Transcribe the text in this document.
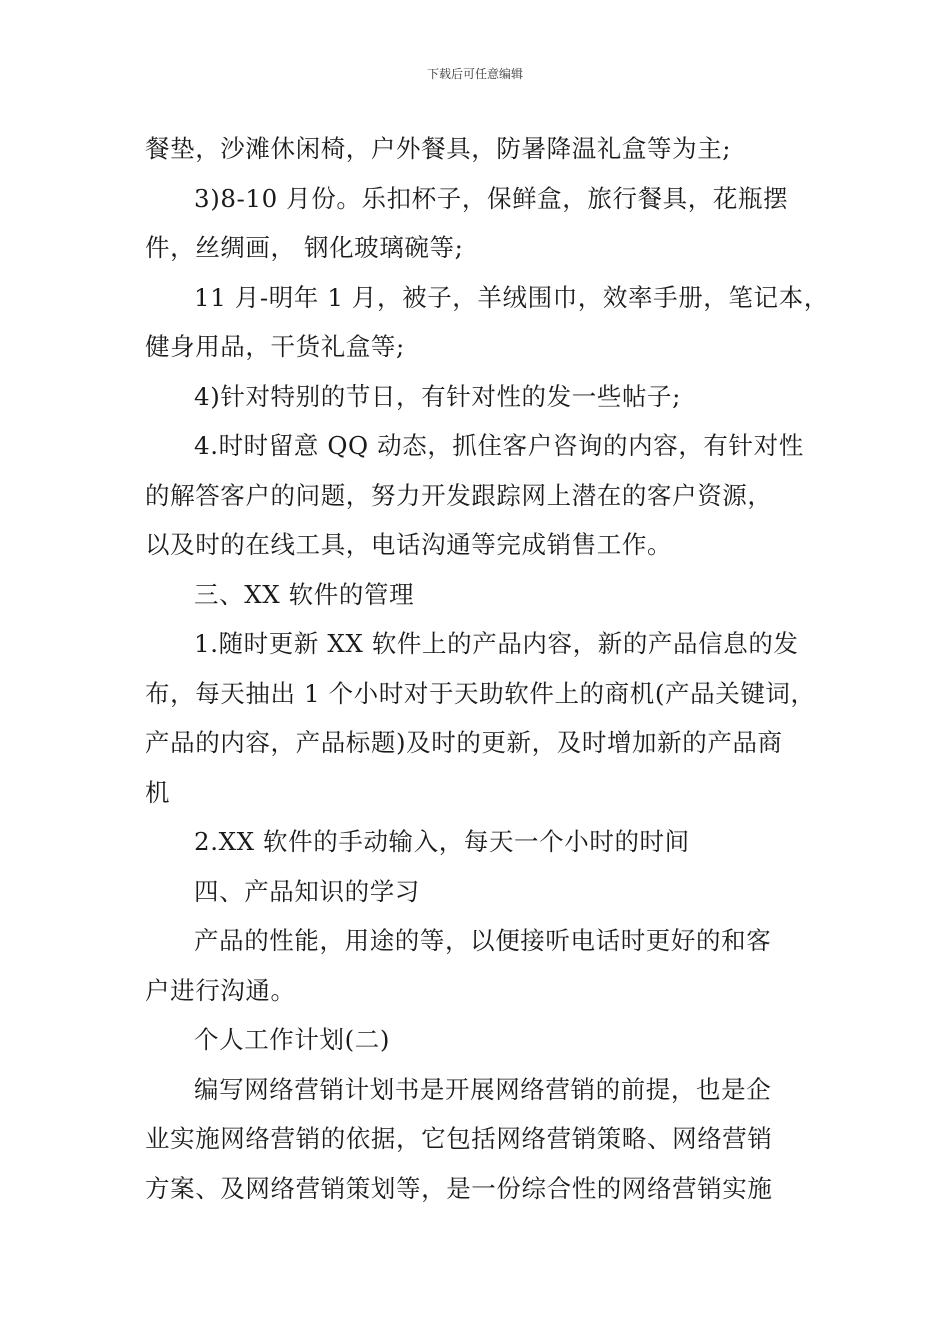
下载后可任意编辑

餐垫，沙滩休闲椅，户外餐具，防暑降温礼盒等为主;

3)8-10 月份。乐扣杯子，保鲜盒，旅行餐具，花瓶摆
件，丝绸画， 钢化玻璃碗等;

11 月-明年 1 月，被子，羊绒围巾，效率手册，笔记本，
健身用品，干货礼盒等;

4)针对特别的节日，有针对性的发一些帖子;

4.时时留意 QQ 动态，抓住客户咨询的内容，有针对性
的解答客户的问题，努力开发跟踪网上潜在的客户资源，
以及时的在线工具，电话沟通等完成销售工作。

三、XX 软件的管理

1.随时更新 XX 软件上的产品内容，新的产品信息的发
布，每天抽出 1 个小时对于天助软件上的商机(产品关键词，
产品的内容，产品标题)及时的更新，及时增加新的产品商
机

2.XX 软件的手动输入，每天一个小时的时间

四、产品知识的学习

产品的性能，用途的等，以便接听电话时更好的和客
户进行沟通。

个人工作计划(二)

编写网络营销计划书是开展网络营销的前提，也是企
业实施网络营销的依据，它包括网络营销策略、网络营销
方案、及网络营销策划等，是一份综合性的网络营销实施
